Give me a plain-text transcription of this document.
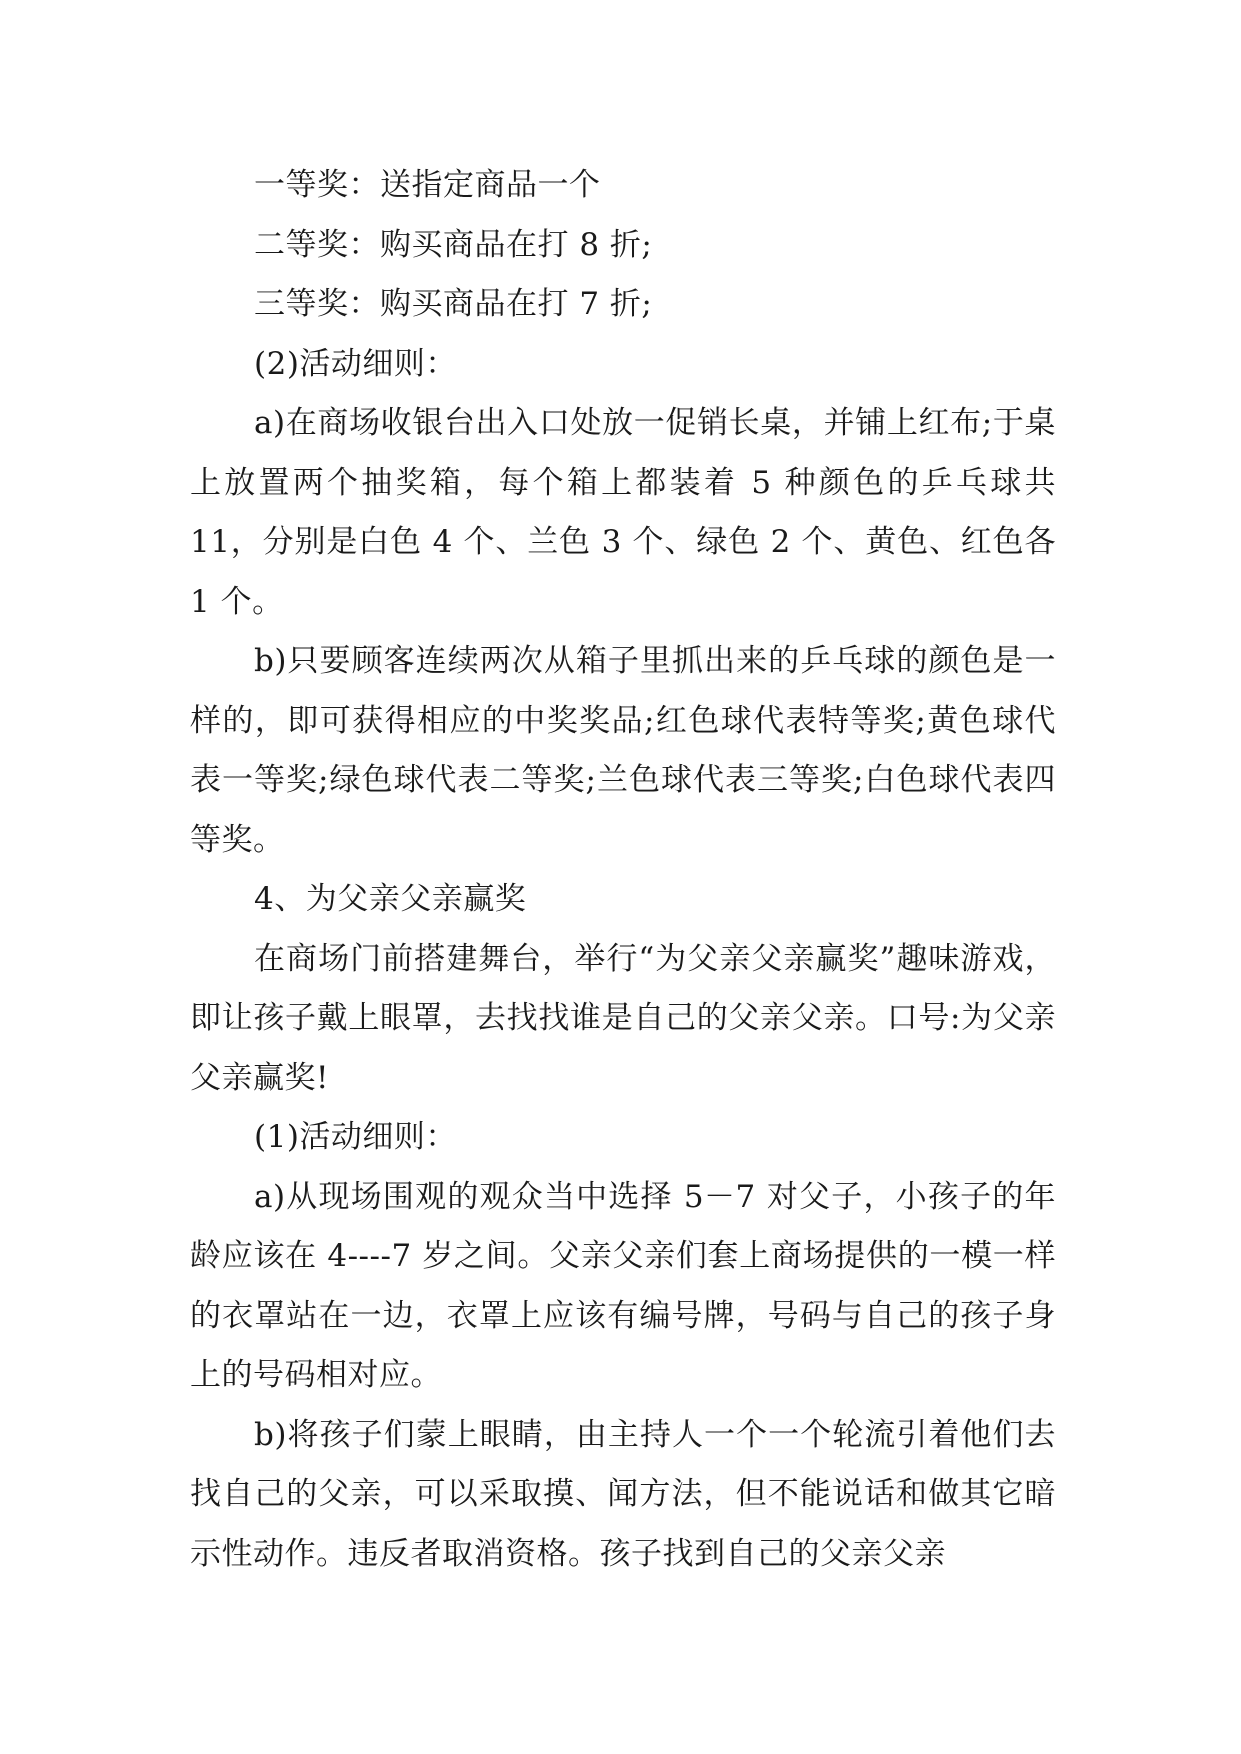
一等奖：送指定商品一个

二等奖：购买商品在打 8 折;

三等奖：购买商品在打 7 折;

(2)活动细则：

a)在商场收银台出入口处放一促销长桌，并铺上红布;于桌上放置两个抽奖箱，每个箱上都装着 5 种颜色的乒乓球共 11，分别是白色 4 个、兰色 3 个、绿色 2 个、黄色、红色各 1 个。

b)只要顾客连续两次从箱子里抓出来的乒乓球的颜色是一样的，即可获得相应的中奖奖品;红色球代表特等奖;黄色球代表一等奖;绿色球代表二等奖;兰色球代表三等奖;白色球代表四等奖。

4、为父亲父亲赢奖

在商场门前搭建舞台，举行“为父亲父亲赢奖”趣味游戏，即让孩子戴上眼罩，去找找谁是自己的父亲父亲。口号:为父亲父亲赢奖!

(1)活动细则：

a)从现场围观的观众当中选择 5－7 对父子，小孩子的年龄应该在 4----7 岁之间。父亲父亲们套上商场提供的一模一样的衣罩站在一边，衣罩上应该有编号牌，号码与自己的孩子身上的号码相对应。

b)将孩子们蒙上眼睛，由主持人一个一个轮流引着他们去找自己的父亲，可以采取摸、闻方法，但不能说话和做其它暗示性动作。违反者取消资格。孩子找到自己的父亲父亲
